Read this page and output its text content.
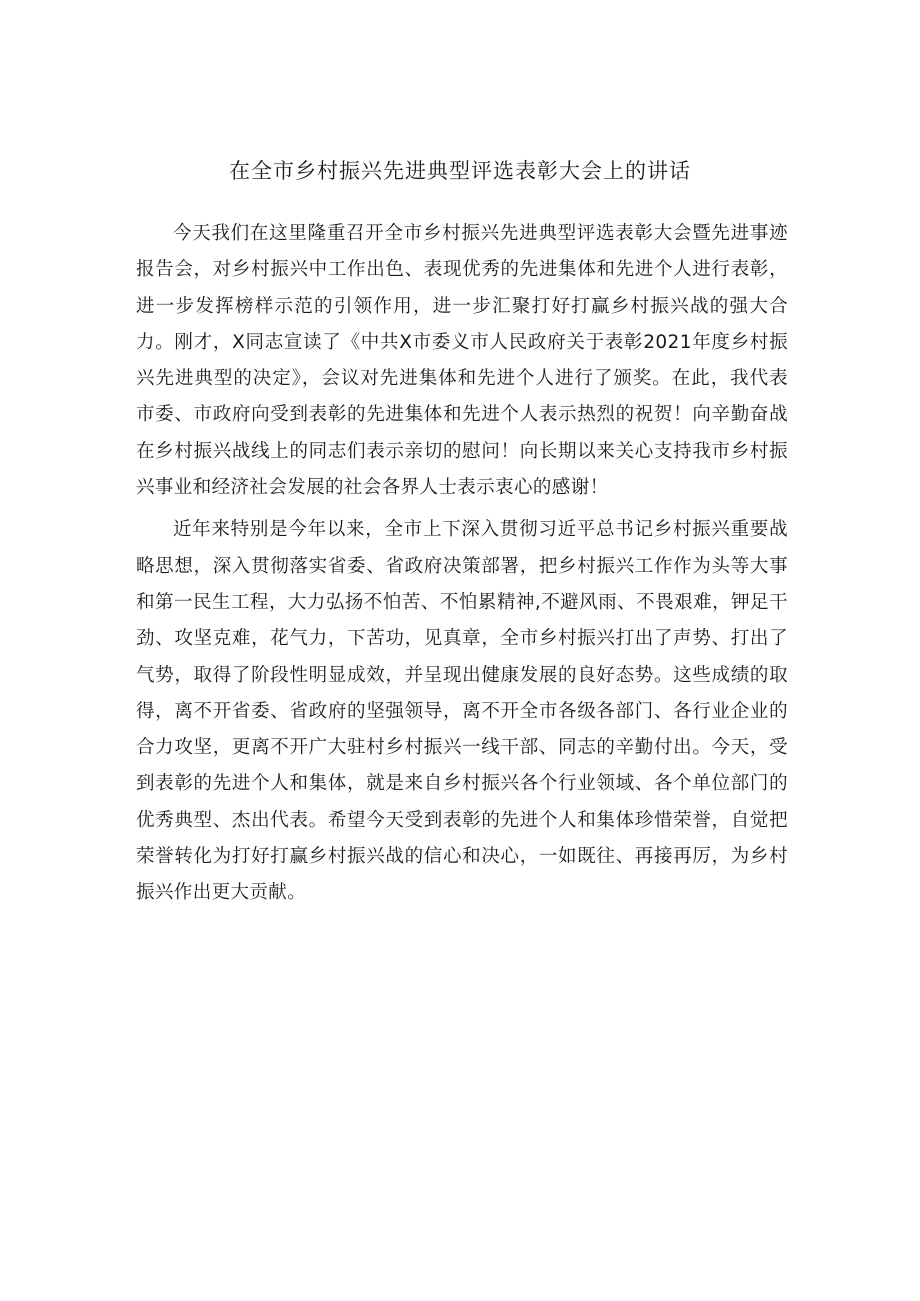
在全市乡村振兴先进典型评选表彰大会上的讲话

今天我们在这里隆重召开全市乡村振兴先进典型评选表彰大会暨先进事迹报告会，对乡村振兴中工作出色、表现优秀的先进集体和先进个人进行表彰，进一步发挥榜样示范的引领作用，进一步汇聚打好打赢乡村振兴战的强大合力。刚才，X同志宣读了《中共X市委义市人民政府关于表彰2021年度乡村振兴先进典型的决定》，会议对先进集体和先进个人进行了颁奖。在此，我代表市委、市政府向受到表彰的先进集体和先进个人表示热烈的祝贺！向辛勤奋战在乡村振兴战线上的同志们表示亲切的慰问！向长期以来关心支持我市乡村振兴事业和经济社会发展的社会各界人士表示衷心的感谢！

近年来特别是今年以来，全市上下深入贯彻习近平总书记乡村振兴重要战略思想，深入贯彻落实省委、省政府决策部署，把乡村振兴工作作为头等大事和第一民生工程，大力弘扬不怕苦、不怕累精神,不避风雨、不畏艰难，钾足干劲、攻坚克难，花气力，下苦功，见真章，全市乡村振兴打出了声势、打出了气势，取得了阶段性明显成效，并呈现出健康发展的良好态势。这些成绩的取得，离不开省委、省政府的坚强领导，离不开全市各级各部门、各行业企业的合力攻坚，更离不开广大驻村乡村振兴一线干部、同志的辛勤付出。今天，受到表彰的先进个人和集体，就是来自乡村振兴各个行业领域、各个单位部门的优秀典型、杰出代表。希望今天受到表彰的先进个人和集体珍惜荣誉，自觉把荣誉转化为打好打赢乡村振兴战的信心和决心，一如既往、再接再厉，为乡村振兴作出更大贡献。
